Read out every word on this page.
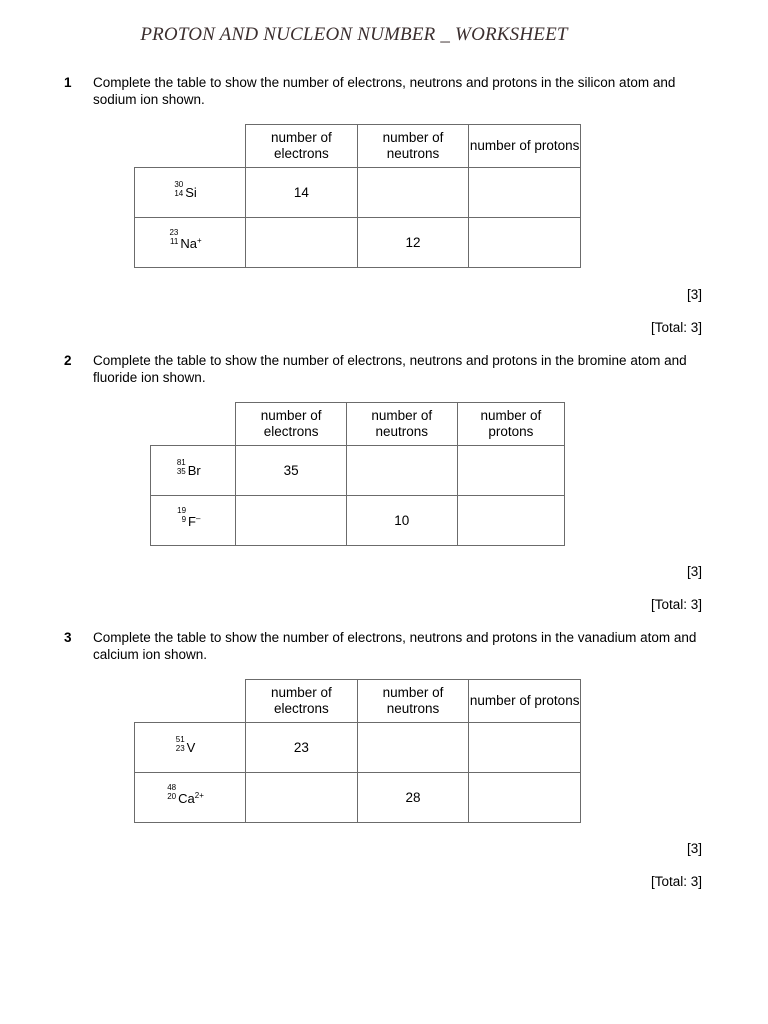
PROTON AND NUCLEON NUMBER _ WORKSHEET
1 Complete the table to show the number of electrons, neutrons and protons in the silicon atom and sodium ion shown.
	number of electrons	number of neutrons	number of protons

30
14 Si	14		

23
11 Na+		12	
[3]
[Total: 3]
2 Complete the table to show the number of electrons, neutrons and protons in the bromine atom and fluoride ion shown.
	number of electrons	number of neutrons	number of protons

81
35 Br	35		

19
9 F–		10	
[3]
[Total: 3]
3 Complete the table to show the number of electrons, neutrons and protons in the vanadium atom and calcium ion shown.
	number of electrons	number of neutrons	number of protons

51
23 V	23		

48
20 $Ca^{2+}$		28	
[3]
[Total: 3]
